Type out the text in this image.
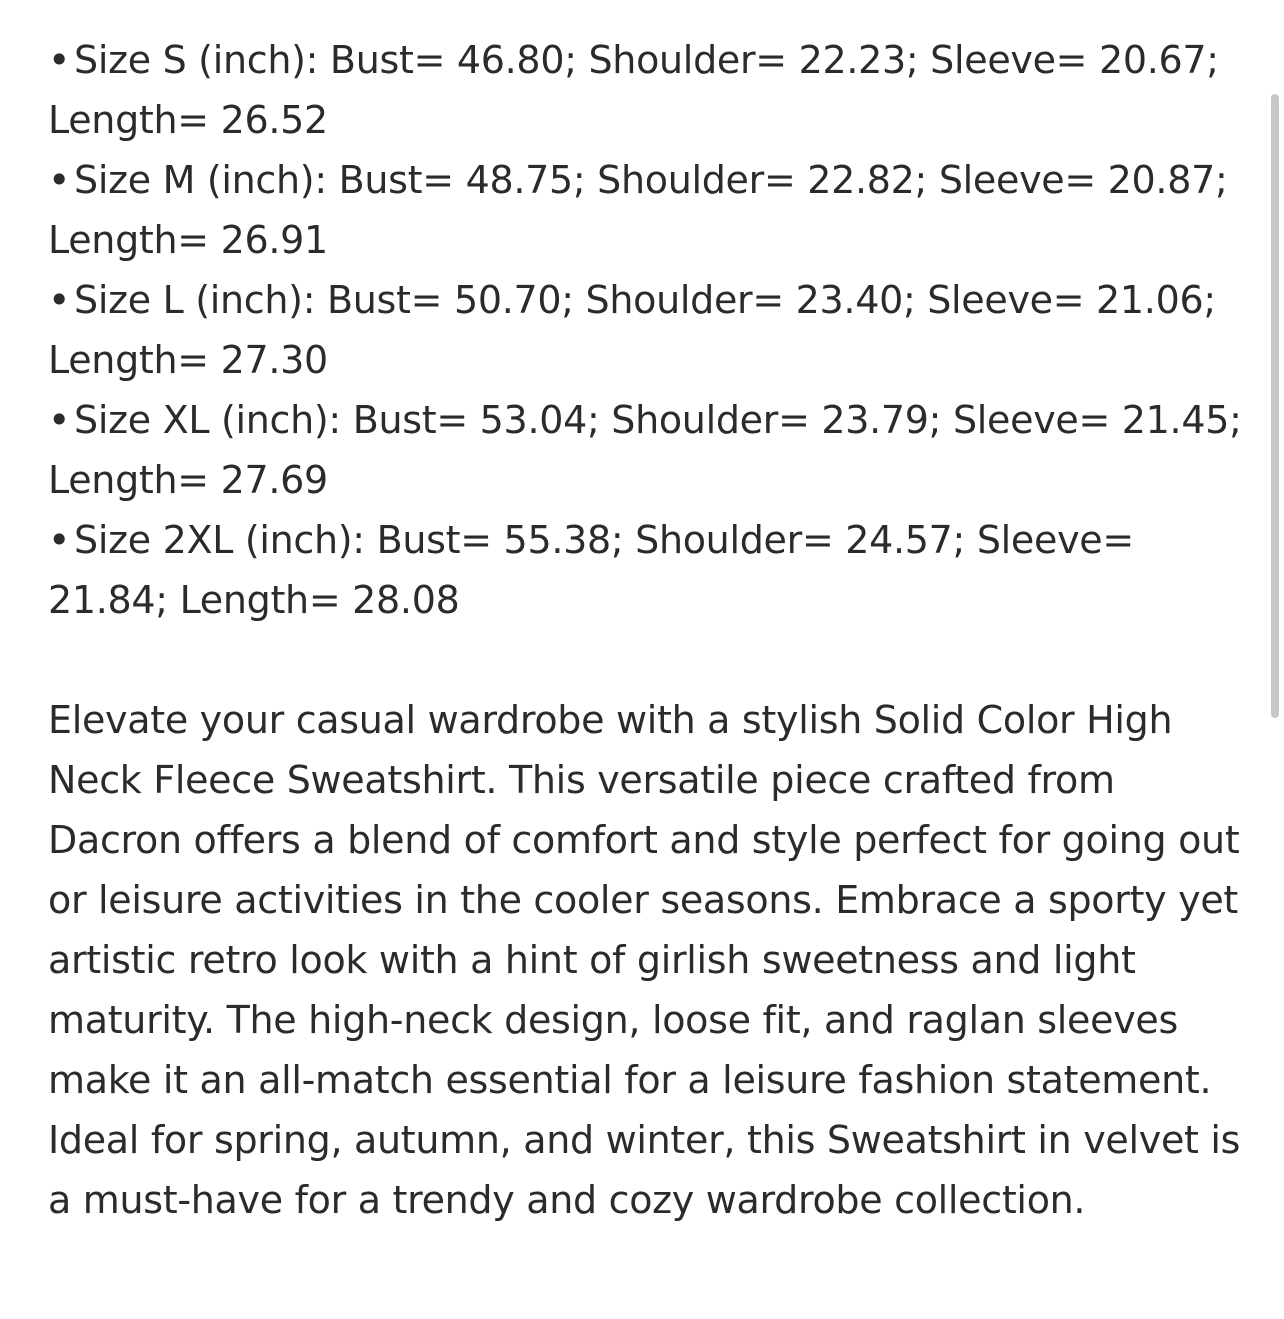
• Size S (inch): Bust= 46.80; Shoulder= 22.23; Sleeve= 20.67; Length= 26.52
• Size M (inch): Bust= 48.75; Shoulder= 22.82; Sleeve= 20.87; Length= 26.91
• Size L (inch): Bust= 50.70; Shoulder= 23.40; Sleeve= 21.06; Length= 27.30
• Size XL (inch): Bust= 53.04; Shoulder= 23.79; Sleeve= 21.45; Length= 27.69
• Size 2XL (inch): Bust= 55.38; Shoulder= 24.57; Sleeve= 21.84; Length= 28.08

Elevate your casual wardrobe with a stylish Solid Color High Neck Fleece Sweatshirt. This versatile piece crafted from Dacron offers a blend of comfort and style perfect for going out or leisure activities in the cooler seasons. Embrace a sporty yet artistic retro look with a hint of girlish sweetness and light maturity. The high-neck design, loose fit, and raglan sleeves make it an all-match essential for a leisure fashion statement. Ideal for spring, autumn, and winter, this Sweatshirt in velvet is a must-have for a trendy and cozy wardrobe collection.
